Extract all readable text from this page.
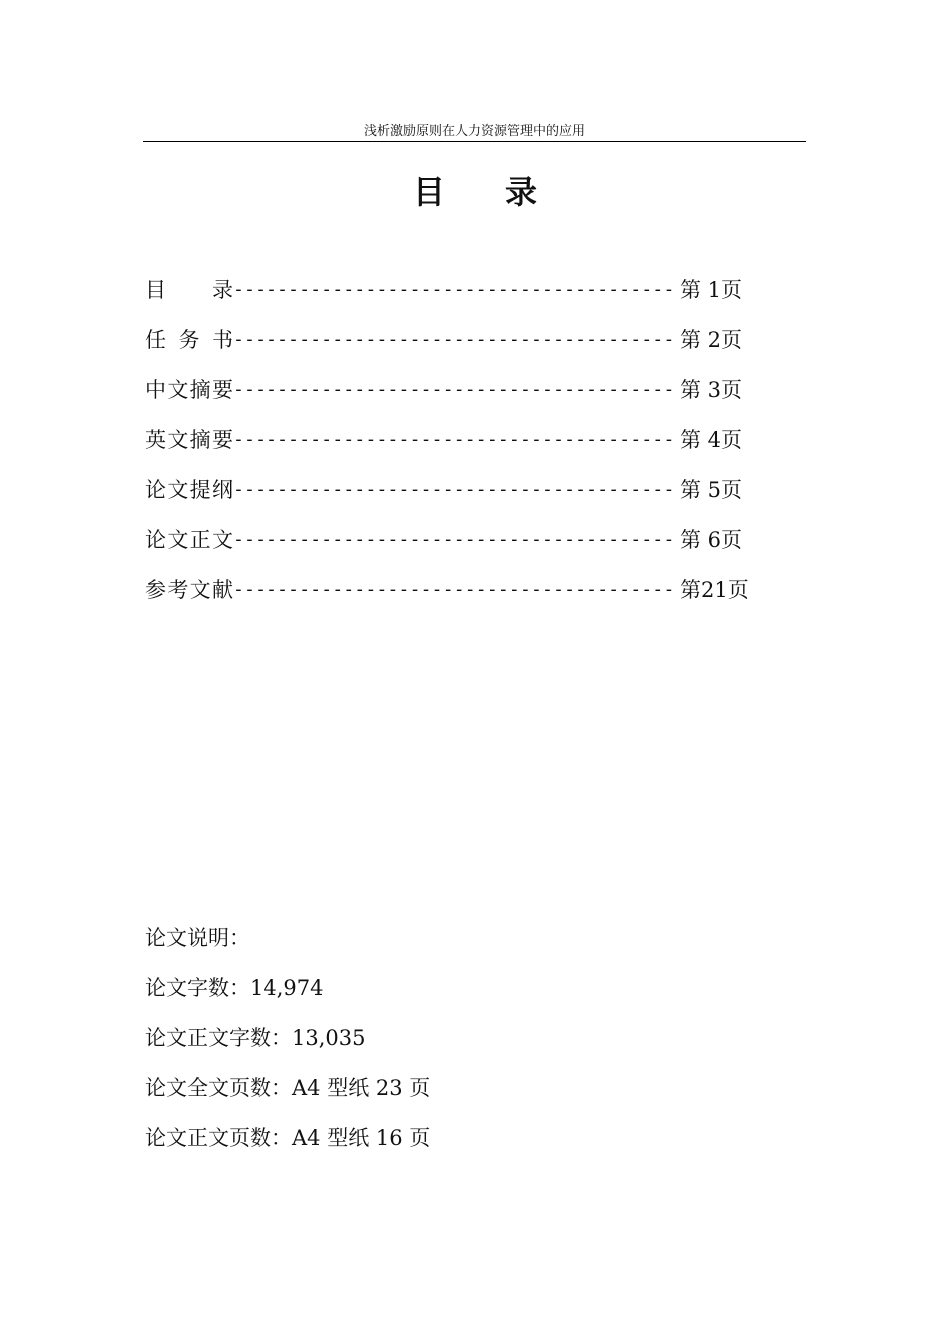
浅析激励原则在人力资源管理中的应用
目录
目　录 ---------------------------------------- 第 1页
任务书 ---------------------------------------- 第 2页
中文摘要 ---------------------------------------- 第 3页
英文摘要 ---------------------------------------- 第 4页
论文提纲 ---------------------------------------- 第 5页
论文正文 ---------------------------------------- 第 6页
参考文献 ---------------------------------------- 第21页
论文说明：
论文字数：14,974
论文正文字数：13,035
论文全文页数：A4 型纸 23 页
论文正文页数：A4 型纸 16 页
